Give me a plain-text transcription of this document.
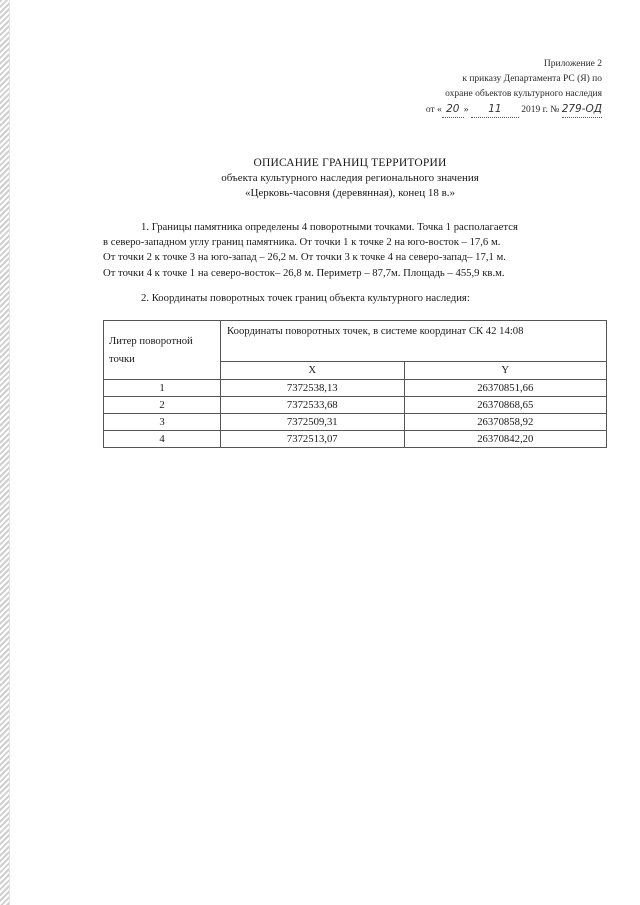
Приложение 2
к приказу Департамента РС (Я) по
охране объектов культурного наследия
от « 20 » 11 2019 г. № 279-ОД
ОПИСАНИЕ ГРАНИЦ ТЕРРИТОРИИ
объекта культурного наследия регионального значения
«Церковь-часовня (деревянная), конец 18 в.»
1. Границы памятника определены 4 поворотными точками. Точка 1 располагается
в северо-западном углу границ памятника. От точки 1 к точке 2 на юго-восток – 17,6 м.
От точки 2 к точке 3 на юго-запад – 26,2 м. От точки 3 к точке 4 на северо-запад– 17,1 м.
От точки 4 к точке 1 на северо-восток– 26,8 м. Периметр – 87,7м. Площадь – 455,9 кв.м.
2. Координаты поворотных точек границ объекта культурного наследия:
Литер поворотной точки	Координаты поворотных точек, в системе координат СК 42 14:08	
	X	Y
1	7372538,13	26370851,66
2	7372533,68	26370868,65
3	7372509,31	26370858,92
4	7372513,07	26370842,20
